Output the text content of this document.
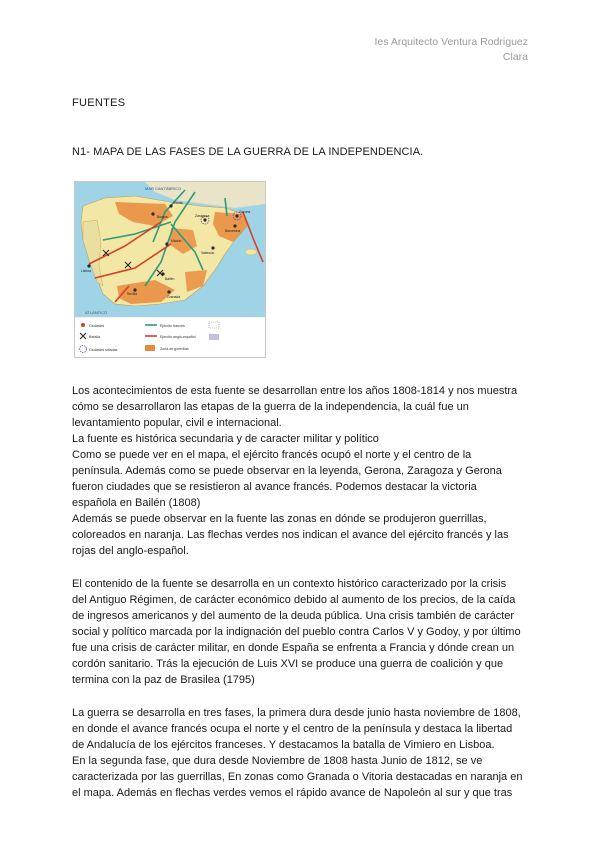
Ies Arquitecto Ventura Rodriguez
Clara
FUENTES
N1- MAPA DE LAS FASES DE LA GUERRA DE LA INDEPENDENCIA.
Ciudades
Batalla
Ciudades sitiadas
Ejército francés
Ejército anglo-español
Zona de guerrillas
MAR CANTÁBRICO
ATLÁNTICO
Gerona
Zaragoza
Barcelona
Burgos
Madrid
Bailén
Granada
Valencia
Sevilla
Lisboa
Vitoria

Los acontecimientos de esta fuente se desarrollan entre los años 1808-1814 y nos muestra
cómo se desarrollaron las etapas de la guerra de la independencia, la cuál fue un
levantamiento popular, civil e internacional.
La fuente es histórica secundaria y de caracter militar y político
Como se puede ver en el mapa, el ejército francés ocupó el norte y el centro de la
península. Además como se puede observar en la leyenda, Gerona, Zaragoza y Gerona
fueron ciudades que se resistieron al avance francés. Podemos destacar la victoria
española en Bailén (1808)
Además se puede observar en la fuente las zonas en dónde se produjeron guerrillas,
coloreados en naranja. Las flechas verdes nos indican el avance del ejército francés y las
rojas del anglo-español.

El contenido de la fuente se desarrolla en un contexto histórico caracterizado por la crisis
del Antiguo Régimen, de carácter económico debido al aumento de los precios, de la caída
de ingresos americanos y del aumento de la deuda pública. Una crisis también de carácter
social y político marcada por la indignación del pueblo contra Carlos V y Godoy, y por último
fue una crisis de carácter militar, en donde España se enfrenta a Francia y dónde crean un
cordón sanitario. Trás la ejecución de Luis XVI se produce una guerra de coalición y que
termina con la paz de Brasilea (1795)

La guerra se desarrolla en tres fases, la primera dura desde junio hasta noviembre de 1808,
en donde el avance francés ocupa el norte y el centro de la península y destaca la libertad
de Andalucía de los ejércitos franceses. Y destacamos la batalla de Vimiero en Lisboa.
En la segunda fase, que dura desde Noviembre de 1808 hasta Junio de 1812, se ve
caracterizada por las guerrillas, En zonas como Granada o Vitoria destacadas en naranja en
el mapa. Además en flechas verdes vemos el rápido avance de Napoleón al sur y que tras
